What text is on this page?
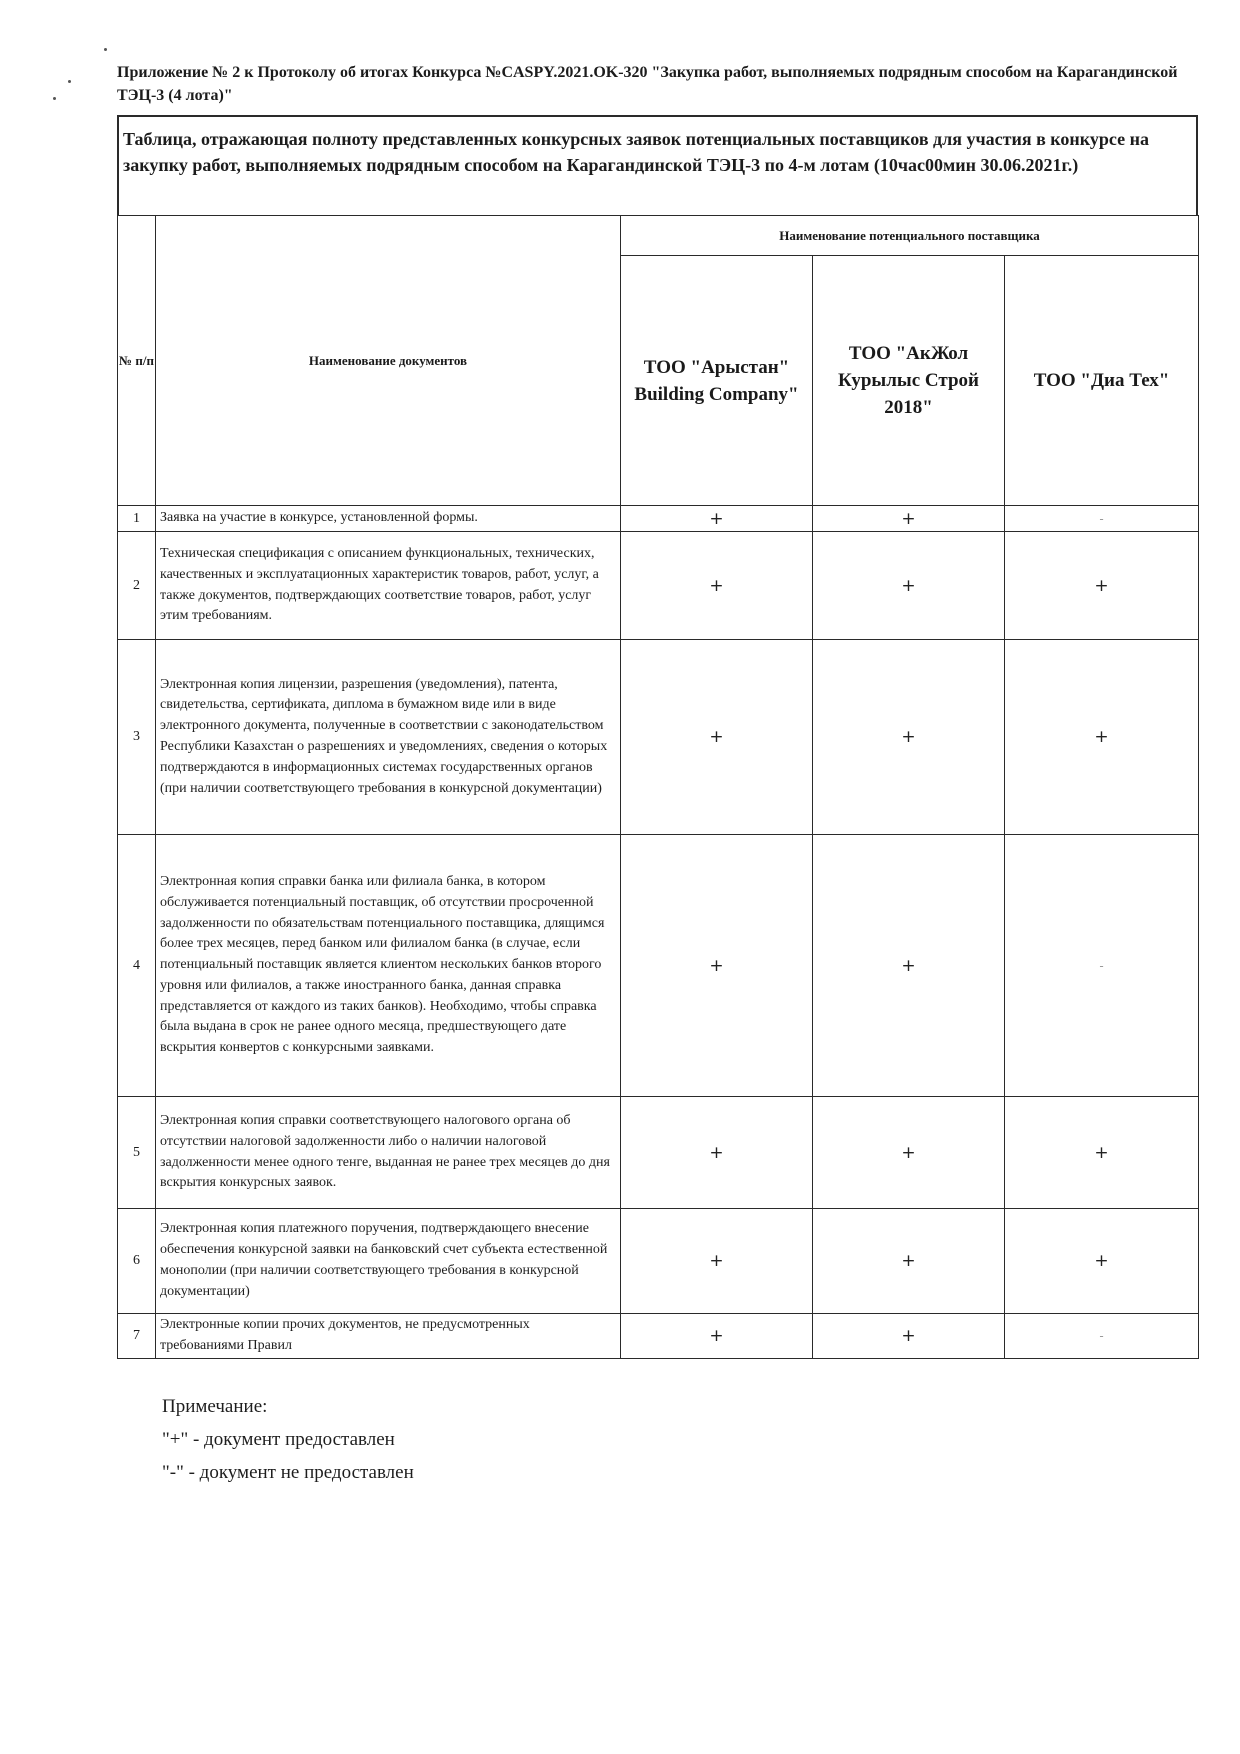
Приложение № 2 к Протоколу об итогах Конкурса №CASPY.2021.OK-320 "Закупка работ, выполняемых подрядным способом на Карагандинской ТЭЦ-3 (4 лота)"
Таблица, отражающая полноту представленных конкурсных заявок потенциальных поставщиков для участия в конкурсе на закупку работ, выполняемых подрядным способом на Карагандинской ТЭЦ-3 по 4-м лотам (10час00мин 30.06.2021г.)
№ п/п	Наименование документов	Наименование потенциального поставщика		
		ТОО "Арыстан" Building Company"	ТОО "АкЖол Курылыс Строй 2018"	ТОО "Диа Тех"
1	Заявка на участие в конкурсе, установленной формы.	+	+	-
2	Техническая спецификация с описанием функциональных, технических, качественных и эксплуатационных характеристик товаров, работ, услуг, а также документов, подтверждающих соответствие товаров, работ, услуг этим требованиям.	+	+	+
3	Электронная копия лицензии, разрешения (уведомления), патента, свидетельства, сертификата, диплома в бумажном виде или в виде электронного документа, полученные в соответствии с законодательством Республики Казахстан о разрешениях и уведомлениях, сведения о которых подтверждаются в информационных системах государственных органов (при наличии соответствующего требования в конкурсной документации)	+	+	+
4	Электронная копия справки банка или филиала банка, в котором обслуживается потенциальный поставщик, об отсутствии просроченной задолженности по обязательствам потенциального поставщика, длящимся более трех месяцев, перед банком или филиалом банка (в случае, если потенциальный поставщик является клиентом нескольких банков второго уровня или филиалов, а также иностранного банка, данная справка представляется от каждого из таких банков). Необходимо, чтобы справка была выдана в срок не ранее одного месяца, предшествующего дате вскрытия конвертов с конкурсными заявками.	+	+	-
5	Электронная копия справки соответствующего налогового органа об отсутствии налоговой задолженности либо о наличии налоговой задолженности менее одного тенге, выданная не ранее трех месяцев до дня вскрытия конкурсных заявок.	+	+	+
6	Электронная копия платежного поручения, подтверждающего внесение обеспечения конкурсной заявки на банковский счет субъекта естественной монополии (при наличии соответствующего требования в конкурсной документации)	+	+	+
7	Электронные копии прочих документов, не предусмотренных требованиями Правил	+	+	-
Примечание:
"+" - документ предоставлен
"-" - документ не предоставлен
